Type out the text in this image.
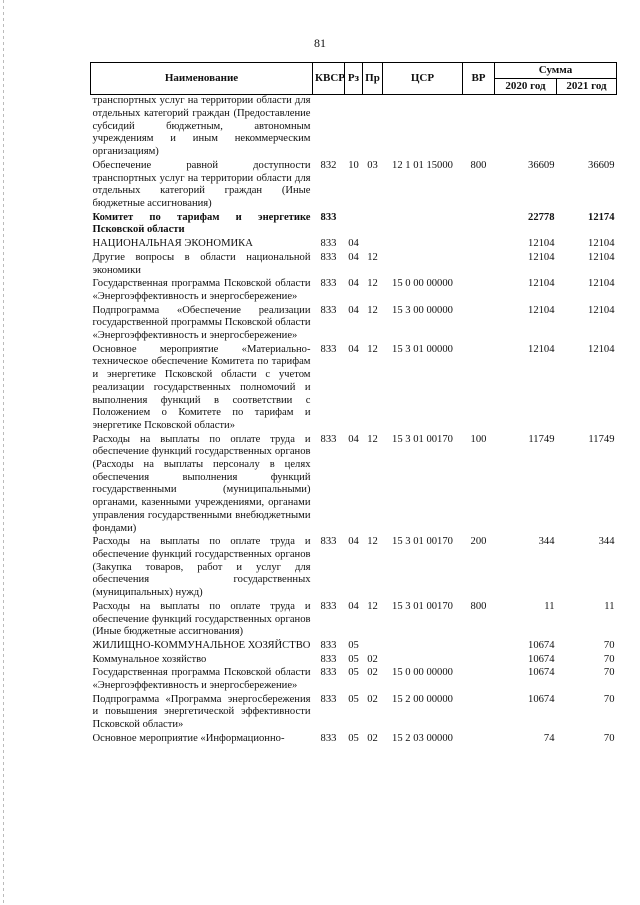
81
Наименование	КВСР	Рз	Пр	ЦСР	ВР	Сумма	
						2020 год	2021 год
транспортных услуг на территории области для отдельных категорий граждан (Предоставление субсидий бюджетным, автономным учреждениям и иным некоммерческим организациям)							
Обеспечение равной доступности транспортных услуг на территории области для отдельных категорий граждан (Иные бюджетные ассигнования)	832	10	03	12 1 01 15000	800	36609	36609
Комитет по тарифам и энергетике Псковской области	833					22778	12174
НАЦИОНАЛЬНАЯ ЭКОНОМИКА	833	04				12104	12104
Другие вопросы в области национальной экономики	833	04	12			12104	12104
Государственная программа Псковской области «Энергоэффективность и энергосбережение»	833	04	12	15 0 00 00000		12104	12104
Подпрограмма «Обеспечение реализации государственной программы Псковской области «Энергоэффективность и энергосбережение»	833	04	12	15 3 00 00000		12104	12104
Основное мероприятие «Материально-техническое обеспечение Комитета по тарифам и энергетике Псковской области с учетом реализации государственных полномочий и выполнения функций в соответствии с Положением о Комитете по тарифам и энергетике Псковской области»	833	04	12	15 3 01 00000		12104	12104
Расходы на выплаты по оплате труда и обеспечение функций государственных органов (Расходы на выплаты персоналу в целях обеспечения выполнения функций государственными (муниципальными) органами, казенными учреждениями, органами управления государственными внебюджетными фондами)	833	04	12	15 3 01 00170	100	11749	11749
Расходы на выплаты по оплате труда и обеспечение функций государственных органов (Закупка товаров, работ и услуг для обеспечения государственных (муниципальных) нужд)	833	04	12	15 3 01 00170	200	344	344
Расходы на выплаты по оплате труда и обеспечение функций государственных органов (Иные бюджетные ассигнования)	833	04	12	15 3 01 00170	800	11	11
ЖИЛИЩНО-КОММУНАЛЬНОЕ ХОЗЯЙСТВО	833	05				10674	70
Коммунальное хозяйство	833	05	02			10674	70
Государственная программа Псковской области «Энергоэффективность и энергосбережение»	833	05	02	15 0 00 00000		10674	70
Подпрограмма «Программа энергосбережения и повышения энергетической эффективности Псковской области»	833	05	02	15 2 00 00000		10674	70
Основное мероприятие «Информационно-	833	05	02	15 2 03 00000		74	70
